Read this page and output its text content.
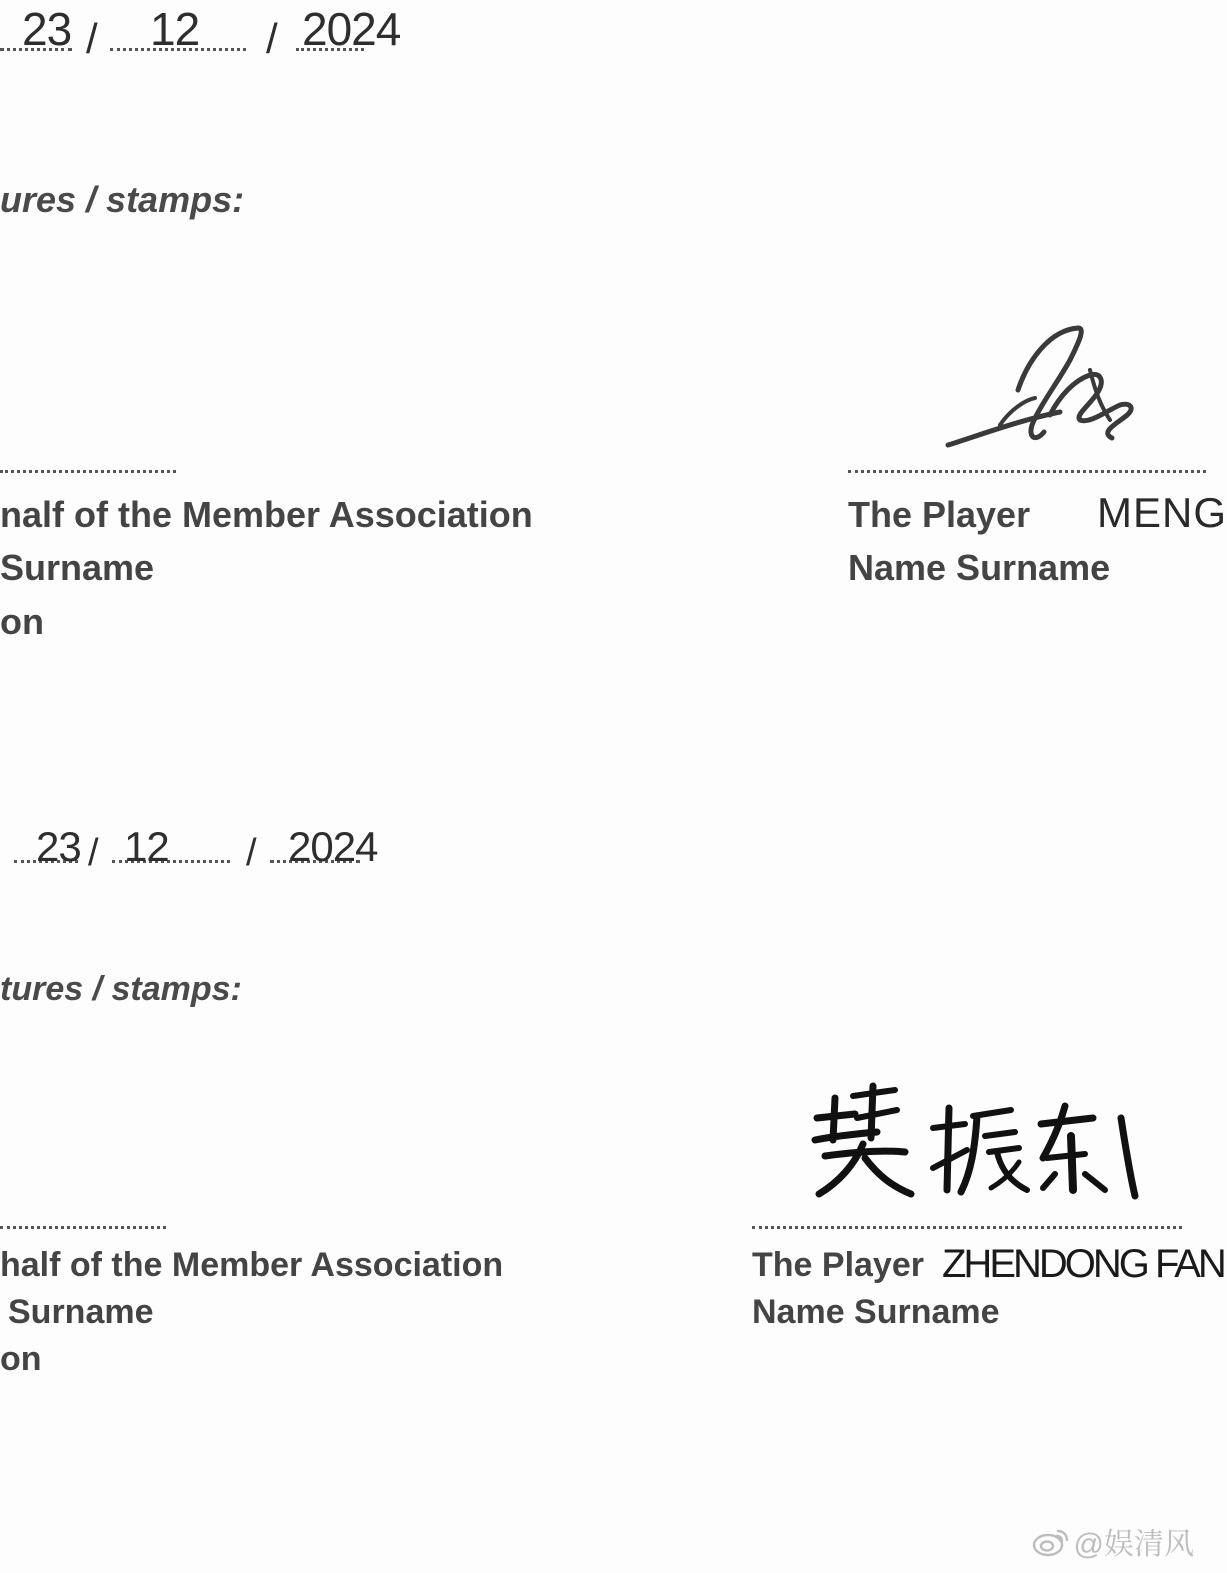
23 / 12 / 2024
ures / stamps:
nalf of the Member Association
Surname
on
The Player MENG
Name Surname
23 / 12 / 2024
tures / stamps:
half of the Member Association
Surname
on
The Player ZHENDONG FAN
Name Surname
@娱清风
